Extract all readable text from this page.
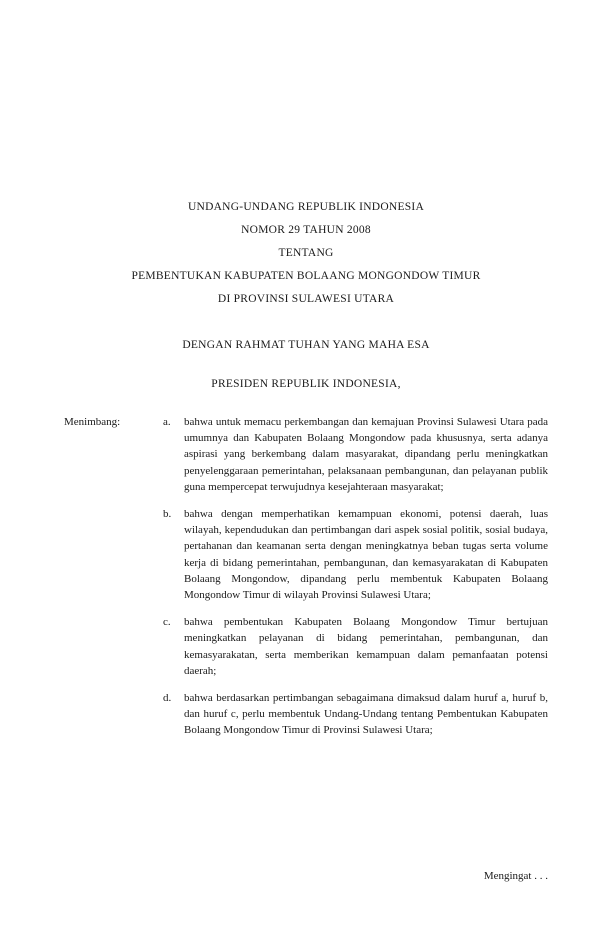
UNDANG-UNDANG REPUBLIK INDONESIA
NOMOR 29 TAHUN 2008
TENTANG
PEMBENTUKAN KABUPATEN BOLAANG MONGONDOW TIMUR
DI PROVINSI SULAWESI UTARA
DENGAN RAHMAT TUHAN YANG MAHA ESA
PRESIDEN REPUBLIK INDONESIA,
Menimbang:	a.	bahwa untuk memacu perkembangan dan kemajuan Provinsi Sulawesi Utara pada umumnya dan Kabupaten Bolaang Mongondow pada khususnya, serta adanya aspirasi yang berkembang dalam masyarakat, dipandang perlu meningkatkan penyelenggaraan pemerintahan, pelaksanaan pembangunan, dan pelayanan publik guna mempercepat terwujudnya kesejahteraan masyarakat;
b.	bahwa dengan memperhatikan kemampuan ekonomi, potensi daerah, luas wilayah, kependudukan dan pertimbangan dari aspek sosial politik, sosial budaya, pertahanan dan keamanan serta dengan meningkatnya beban tugas serta volume kerja di bidang pemerintahan, pembangunan, dan kemasyarakatan di Kabupaten Bolaang Mongondow, dipandang perlu membentuk Kabupaten Bolaang Mongondow Timur di wilayah Provinsi Sulawesi Utara;
c.	bahwa pembentukan Kabupaten Bolaang Mongondow Timur bertujuan meningkatkan pelayanan di bidang pemerintahan, pembangunan, dan kemasyarakatan, serta memberikan kemampuan dalam pemanfaatan potensi daerah;
d.	bahwa berdasarkan pertimbangan sebagaimana dimaksud dalam huruf a, huruf b, dan huruf c, perlu membentuk Undang-Undang tentang Pembentukan Kabupaten Bolaang Mongondow Timur di Provinsi Sulawesi Utara;
Mengingat . . .
